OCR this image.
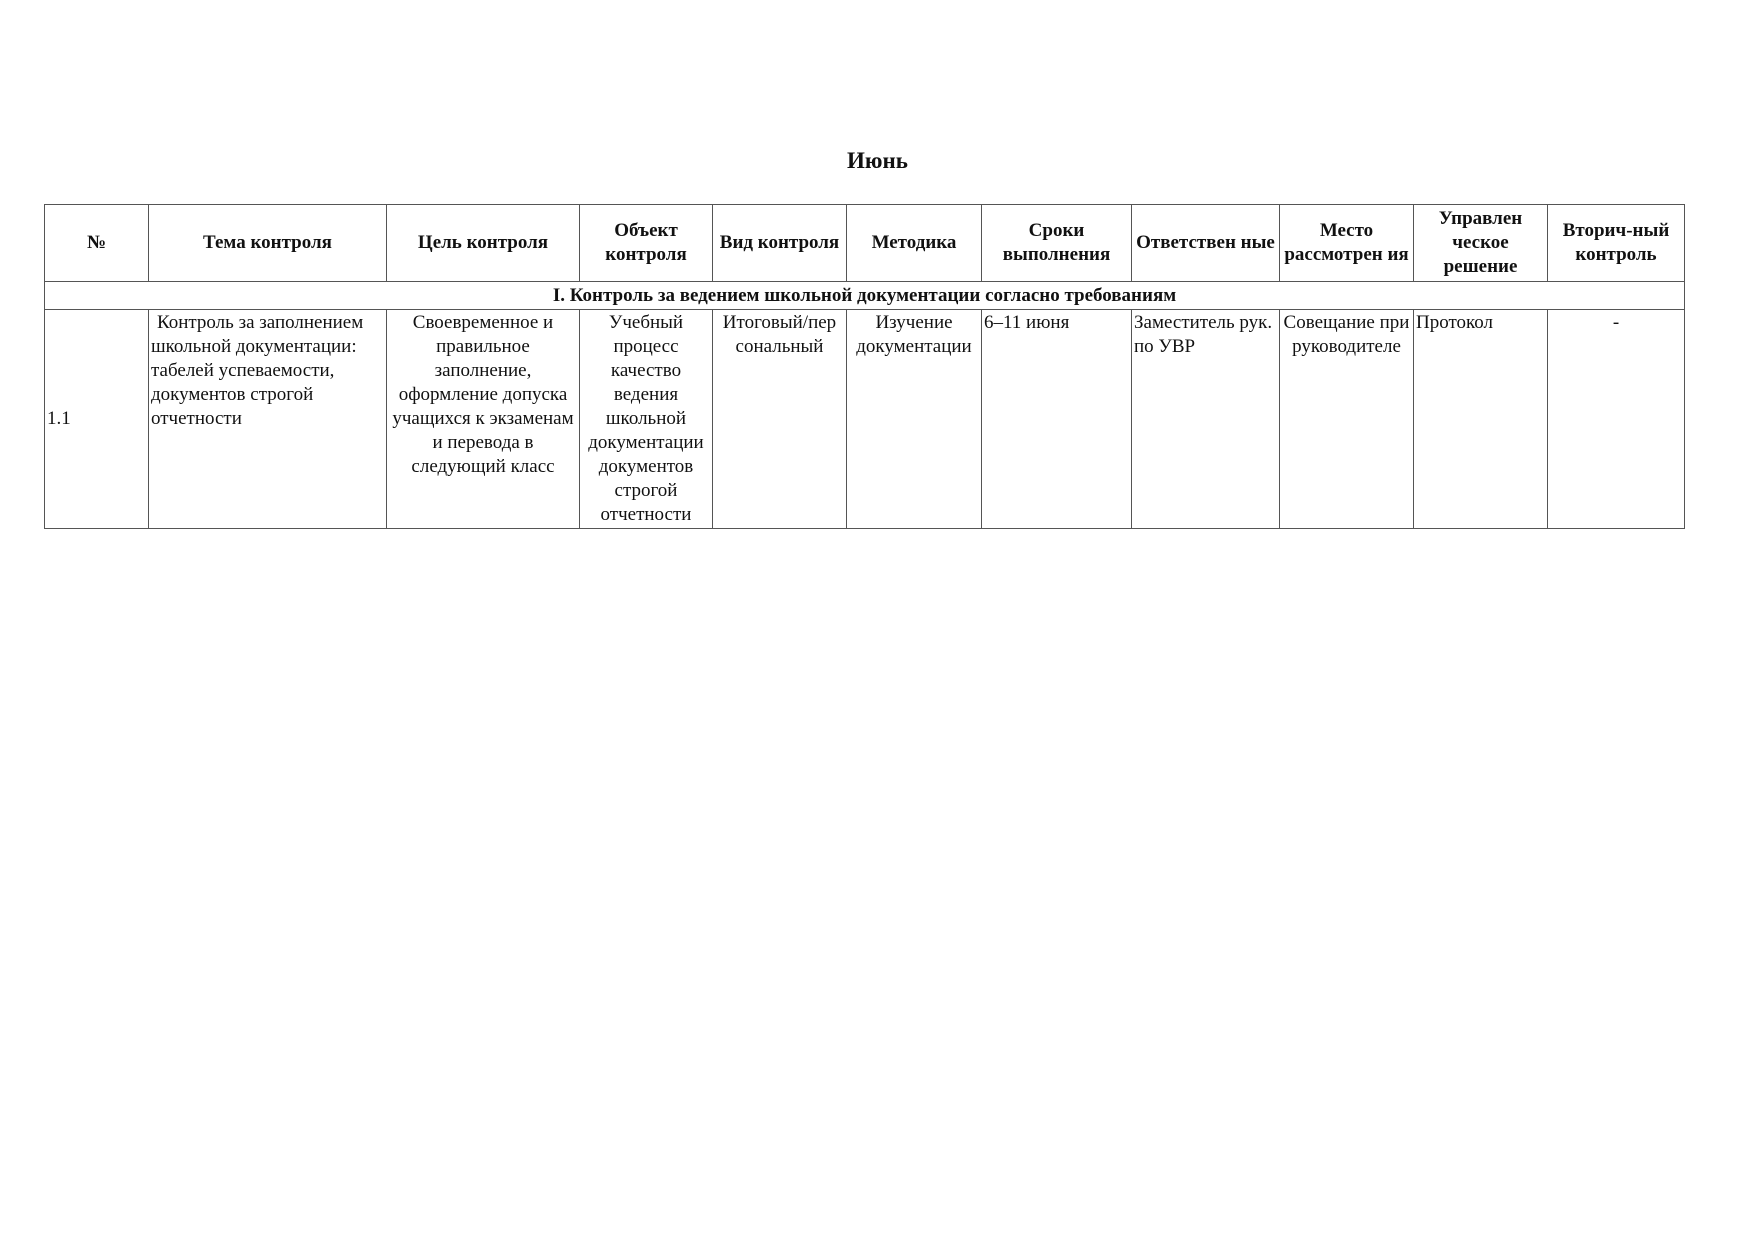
Июнь
№	Тема контроля	Цель контроля	Объект контроля	Вид контроля	Методика	Сроки выполнения	Ответствен ные	Место рассмотрен ия	Управлен ческое решение	Вторич-ный контроль
I. Контроль за ведением школьной документации согласно требованиям										
1.1	Контроль за заполнением школьной документации: табелей успеваемости, документов строгой отчетности	Своевременное и правильное заполнение, оформление допуска учащихся к экзаменам и перевода в следующий класс	Учебный процесс качество ведения школьной документации документов строгой отчетности	Итоговый/пер сональный	Изучение документации	6–11 июня	Заместитель рук. по УВР	Совещание при руководителе	Протокол	-
